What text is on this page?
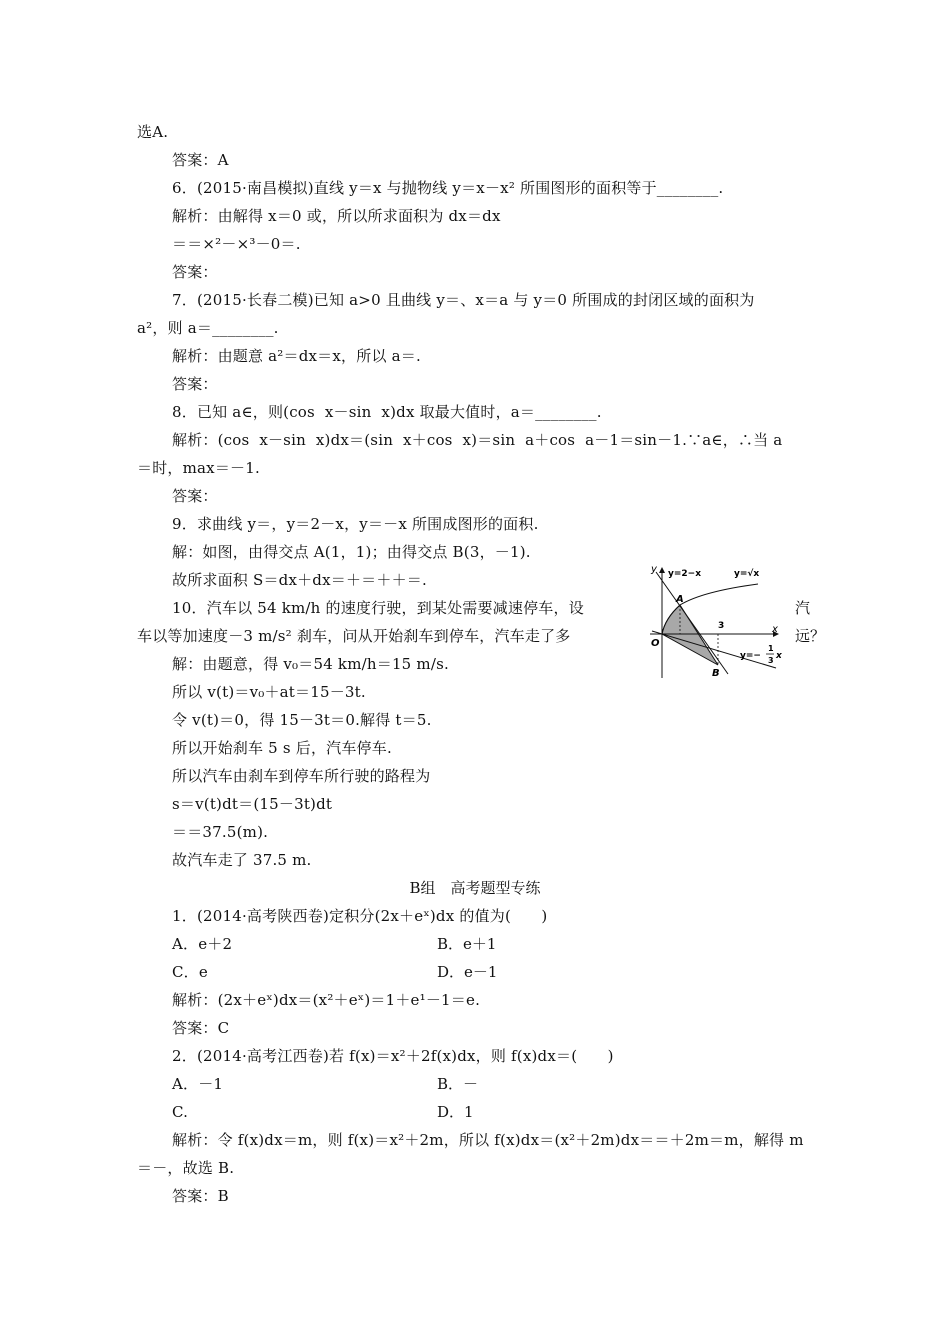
选A.
答案：A
6．(2015·南昌模拟)直线 y＝x 与抛物线 y＝x－x² 所围图形的面积等于________.
解析：由解得 x＝0 或，所以所求面积为 dx＝dx
＝＝×²－×³－0＝.
答案：
7．(2015·长春二模)已知 a>0 且曲线 y＝、x＝a 与 y＝0 所围成的封闭区域的面积为
a²，则 a＝________.
解析：由题意 a²＝dx＝x，所以 a＝.
答案：
8．已知 a∈，则(cos  x－sin  x)dx 取最大值时，a＝________.
解析：(cos  x－sin  x)dx＝(sin  x＋cos  x)＝sin  a＋cos  a－1＝sin－1.∵a∈，∴当 a
＝时，max＝－1.
答案：
9．求曲线 y＝，y＝2－x，y＝－x 所围成图形的面积.
解：如图，由得交点 A(1，1)；由得交点 B(3，－1).
故所求面积 S＝dx＋dx＝＋＝＋＋＝.
10．汽车以 54 km/h 的速度行驶，到某处需要减速停车，设	汽
车以等加速度－3 m/s² 刹车，问从开始刹车到停车，汽车走了多	远？
解：由题意，得 v₀＝54 km/h＝15 m/s.
所以 v(t)＝v₀＋at＝15－3t.
令 v(t)＝0，得 15－3t＝0.解得 t＝5.
所以开始刹车 5 s 后，汽车停车.
所以汽车由刹车到停车所行驶的路程为
s＝v(t)dt＝(15－3t)dt
＝＝37.5(m).
故汽车走了 37.5 m.
B组　高考题型专练
1．(2014·高考陕西卷)定积分(2x＋eˣ)dx 的值为(　　)
A．e＋2	B．e＋1
C．e	D．e－1
解析：(2x＋eˣ)dx＝(x²＋eˣ)＝1＋e¹－1＝e.
答案：C
2．(2014·高考江西卷)若 f(x)＝x²＋2f(x)dx，则 f(x)dx＝(　　)
A．－1	B．－
C.	D．1
解析：令 f(x)dx＝m，则 f(x)＝x²＋2m，所以 f(x)dx＝(x²＋2m)dx＝＝＋2m＝m，解得 m
＝－，故选 B.
答案：B
y
x
O
y=2−x	y=√x
A
B
3
y=−
1
3 x
